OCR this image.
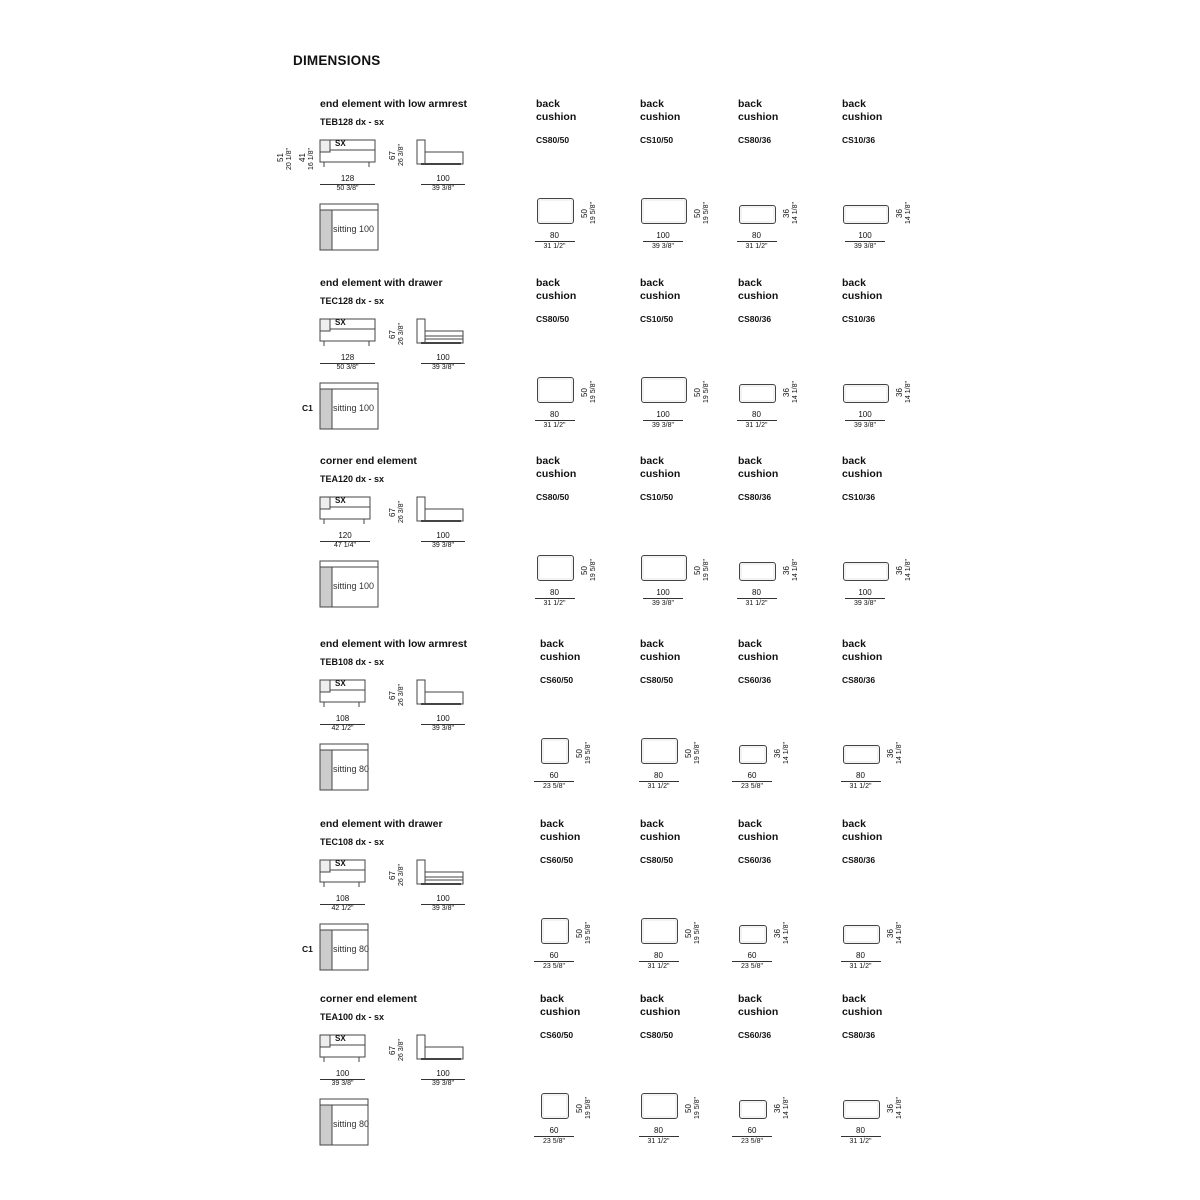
DIMENSIONS
end element with low armrest
TEB128 dx - sx
SX
128
50 3/8"
51 20 1/8" 41 16 1/8"	67 26 3/8"
100
39 3/8"
sitting 100
back
cushion
CS80/50
80
31 1/2"
50 19 5/8"
back
cushion
CS10/50
100
39 3/8"
50 19 5/8"
back
cushion
CS80/36
80
31 1/2"
36 14 1/8"
back
cushion
CS10/36
100
39 3/8"
36 14 1/8"
end element with drawer
TEC128 dx - sx
SX
128
50 3/8"
67 26 3/8"
100
39 3/8"
sitting 100
C1
back
cushion
CS80/50
80
31 1/2"
50 19 5/8"
back
cushion
CS10/50
100
39 3/8"
50 19 5/8"
back
cushion
CS80/36
80
31 1/2"
36 14 1/8"
back
cushion
CS10/36
100
39 3/8"
36 14 1/8"
corner end element
TEA120 dx - sx
SX
120
47 1/4"
67 26 3/8"
100
39 3/8"
sitting 100
back
cushion
CS80/50
80
31 1/2"
50 19 5/8"
back
cushion
CS10/50
100
39 3/8"
50 19 5/8"
back
cushion
CS80/36
80
31 1/2"
36 14 1/8"
back
cushion
CS10/36
100
39 3/8"
36 14 1/8"
end element with low armrest
TEB108 dx - sx
SX
108
42 1/2"
67 26 3/8"
100
39 3/8"
sitting 80
back
cushion
CS60/50
60
23 5/8"
50 19 5/8"
back
cushion
CS80/50
80
31 1/2"
50 19 5/8"
back
cushion
CS60/36
60
23 5/8"
36 14 1/8"
back
cushion
CS80/36
80
31 1/2"
36 14 1/8"
end element with drawer
TEC108 dx - sx
SX
108
42 1/2"
67 26 3/8"
100
39 3/8"
sitting 80
C1
back
cushion
CS60/50
60
23 5/8"
50 19 5/8"
back
cushion
CS80/50
80
31 1/2"
50 19 5/8"
back
cushion
CS60/36
60
23 5/8"
36 14 1/8"
back
cushion
CS80/36
80
31 1/2"
36 14 1/8"
corner end element
TEA100 dx - sx
SX
100
39 3/8"
67 26 3/8"
100
39 3/8"
sitting 80
back
cushion
CS60/50
60
23 5/8"
50 19 5/8"
back
cushion
CS80/50
80
31 1/2"
50 19 5/8"
back
cushion
CS60/36
60
23 5/8"
36 14 1/8"
back
cushion
CS80/36
80
31 1/2"
36 14 1/8"
